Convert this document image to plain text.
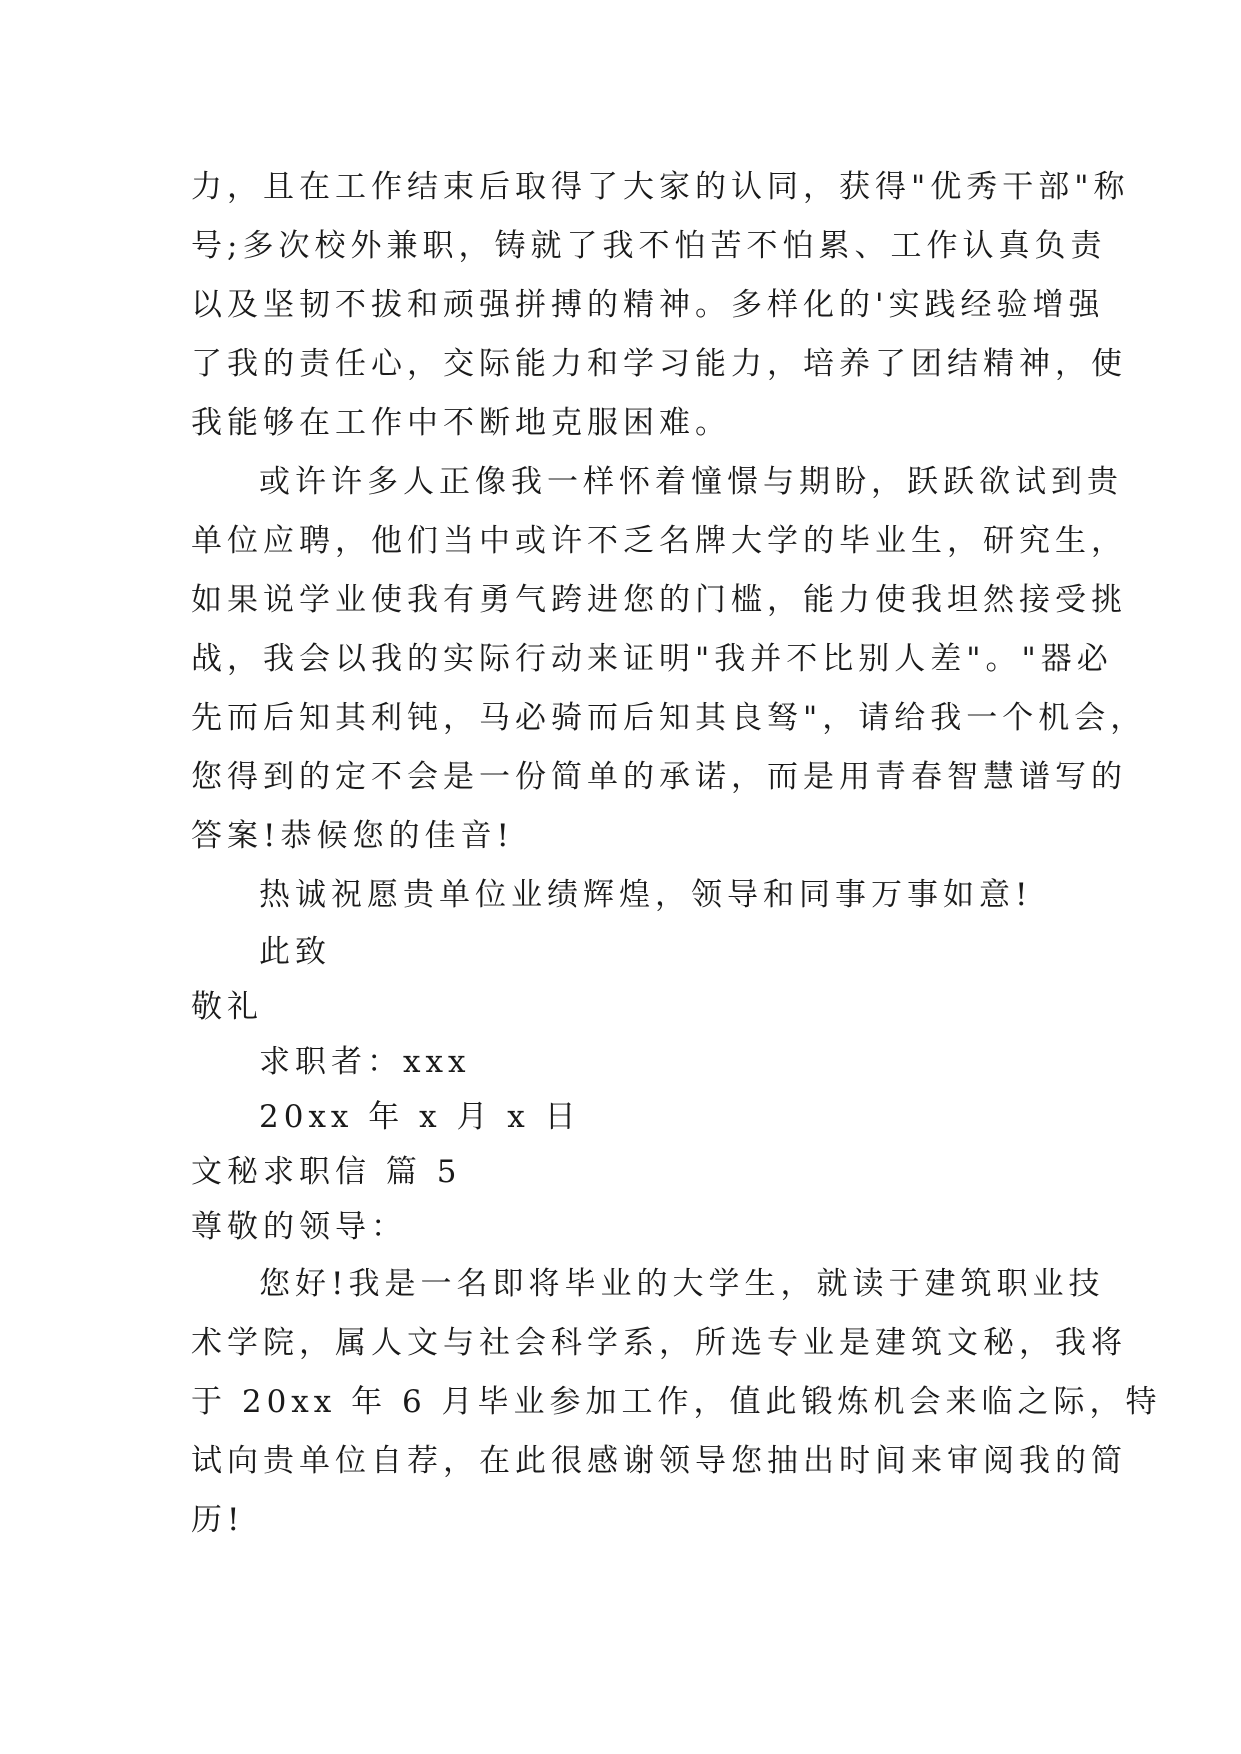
力，且在工作结束后取得了大家的认同，获得"优秀干部"称
号;多次校外兼职，铸就了我不怕苦不怕累、工作认真负责
以及坚韧不拔和顽强拼搏的精神。多样化的'实践经验增强
了我的责任心，交际能力和学习能力，培养了团结精神，使
我能够在工作中不断地克服困难。
或许许多人正像我一样怀着憧憬与期盼，跃跃欲试到贵
单位应聘，他们当中或许不乏名牌大学的毕业生，研究生，
如果说学业使我有勇气跨进您的门槛，能力使我坦然接受挑
战，我会以我的实际行动来证明"我并不比别人差"。"器必
先而后知其利钝，马必骑而后知其良驽"，请给我一个机会，
您得到的定不会是一份简单的承诺，而是用青春智慧谱写的
答案!恭候您的佳音!
热诚祝愿贵单位业绩辉煌，领导和同事万事如意!
此致
敬礼
求职者：xxx
20xx 年 x 月 x 日
文秘求职信 篇 5
尊敬的领导：
您好!我是一名即将毕业的大学生，就读于建筑职业技
术学院，属人文与社会科学系，所选专业是建筑文秘，我将
于 20xx 年 6 月毕业参加工作，值此锻炼机会来临之际，特
试向贵单位自荐，在此很感谢领导您抽出时间来审阅我的简
历!
